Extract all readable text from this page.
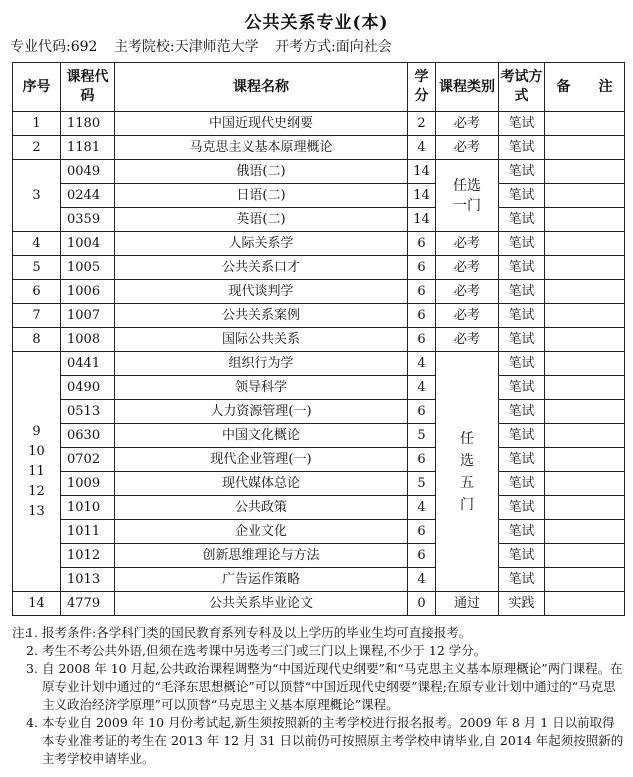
公共关系专业(本)
专业代码:692 主考院校:天津师范大学 开考方式:面向社会
序号	课程代码	课程名称	学分	课程类别	考试方式	备　　注
1	1180	中国近现代史纲要	2	必考	笔试	
2	1181	马克思主义基本原理概论	4	必考	笔试	
3	0049	俄语(二)	14	任选一门	笔试	
	0244	日语(二)	14		笔试	
	0359	英语(二)	14		笔试	
4	1004	人际关系学	6	必考	笔试	
5	1005	公共关系口才	6	必考	笔试	
6	1006	现代谈判学	6	必考	笔试	
7	1007	公共关系案例	6	必考	笔试	
8	1008	国际公共关系	6	必考	笔试	

9 10 11 12 13	0441	组织行为学	4	任选五门	笔试	
	0490	领导科学	4		笔试	
	0513	人力资源管理(一)	6		笔试	
	0630	中国文化概论	5		笔试	
	0702	现代企业管理(一)	6		笔试	
	1009	现代媒体总论	5		笔试	
	1010	公共政策	4		笔试	
	1011	企业文化	6		笔试	
	1012	创新思维理论与方法	6		笔试	
	1013	广告运作策略	4		笔试	
14	4779	公共关系毕业论文	0	通过	实践	
注:
1. 报考条件:各学科门类的国民教育系列专科及以上学历的毕业生均可直接报考。
2. 考生不考公共外语,但须在选考课中另选考三门或三门以上课程,不少于 12 学分。
3. 自 2008 年 10 月起,公共政治课程调整为“中国近现代史纲要”和“马克思主义基本原理概论”两门课程。在原专业计划中通过的“毛泽东思想概论”可以顶替“中国近现代史纲要”课程;在原专业计划中通过的“马克思主义政治经济学原理”可以顶替“马克思主义基本原理概论”课程。
4. 本专业自 2009 年 10 月份考试起,新生须按照新的主考学校进行报名报考。2009 年 8 月 1 日以前取得本专业准考证的考生在 2013 年 12 月 31 日以前仍可按照原主考学校申请毕业,自 2014 年起须按照新的主考学校申请毕业。
